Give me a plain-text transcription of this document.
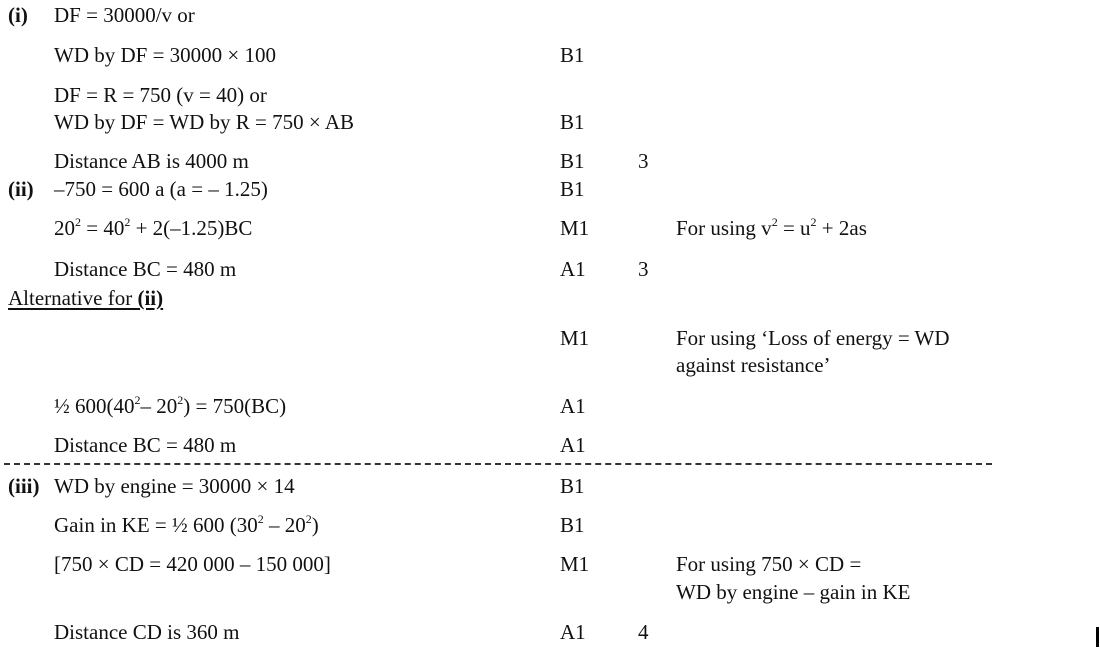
(i) DF = 30000/v or
WD by DF = 30000 × 100	B1
DF = R = 750 (v = 40) or
WD by DF = WD by R = 750 × AB	B1
Distance AB is 4000 m	B1	3
(ii) –750 = 600 a (a = – 1.25)	B1
$20^2 = 40^2 + 2(-1.25)BC$	M1	For using $v^2 = u^2 + 2as$
Distance BC = 480 m	A1 3
Alternative for (ii)
M1	For using ‘Loss of energy = WD
against resistance’
½ $600(40^2-$ $20^2) = 750(BC)$	A1
Distance BC = 480 m	A1
(iii) WD by engine = 30000 × 14	B1
Gain in KE = ½ 600 $(30^2 - 20^2)$	B1
[750 × CD = 420 000 – 150 000]	M1	For using 750 × CD =
WD by engine – gain in KE
Distance CD is 360 m	A1 4
